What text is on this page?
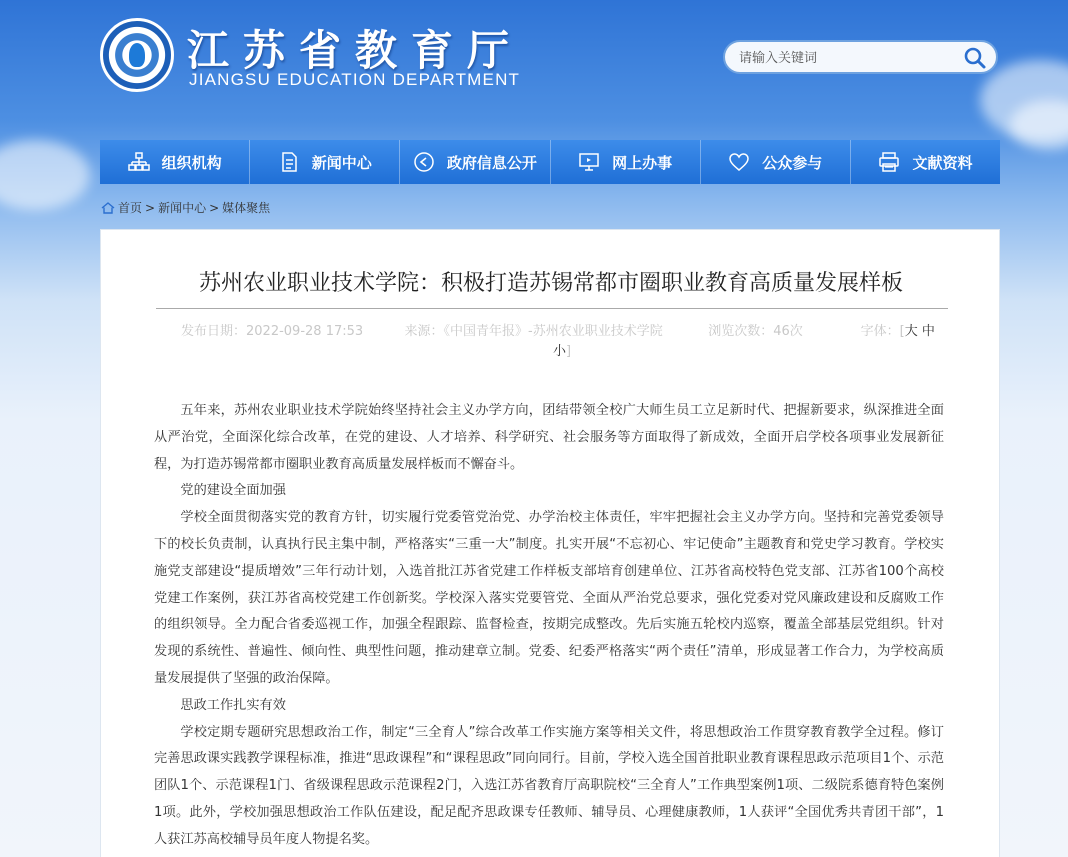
江苏省教育厅
JIANGSU EDUCATION DEPARTMENT
请输入关键词
组织机构	新闻中心	政府信息公开	网上办事	公众参与	文献资料
首页 > 新闻中心 > 媒体聚焦
苏州农业职业技术学院：积极打造苏锡常都市圈职业教育高质量发展样板
发布日期：2022-09-28 17:53	来源：《中国青年报》-苏州农业职业技术学院	浏览次数：46次	字体：[大 中
小]

五年来，苏州农业职业技术学院始终坚持社会主义办学方向，团结带领全校广大师生员工立足新时代、把握新要求，纵深推进全面从严治党，全面深化综合改革，在党的建设、人才培养、科学研究、社会服务等方面取得了新成效，全面开启学校各项事业发展新征程，为打造苏锡常都市圈职业教育高质量发展样板而不懈奋斗。

党的建设全面加强

学校全面贯彻落实党的教育方针，切实履行党委管党治党、办学治校主体责任，牢牢把握社会主义办学方向。坚持和完善党委领导下的校长负责制，认真执行民主集中制，严格落实“三重一大”制度。扎实开展“不忘初心、牢记使命”主题教育和党史学习教育。学校实施党支部建设“提质增效”三年行动计划，入选首批江苏省党建工作样板支部培育创建单位、江苏省高校特色党支部、江苏省100个高校党建工作案例，获江苏省高校党建工作创新奖。学校深入落实党要管党、全面从严治党总要求，强化党委对党风廉政建设和反腐败工作的组织领导。全力配合省委巡视工作，加强全程跟踪、监督检查，按期完成整改。先后实施五轮校内巡察，覆盖全部基层党组织。针对发现的系统性、普遍性、倾向性、典型性问题，推动建章立制。党委、纪委严格落实“两个责任”清单，形成显著工作合力，为学校高质量发展提供了坚强的政治保障。

思政工作扎实有效

学校定期专题研究思想政治工作，制定“三全育人”综合改革工作实施方案等相关文件，将思想政治工作贯穿教育教学全过程。修订完善思政课实践教学课程标准，推进“思政课程”和“课程思政”同向同行。目前，学校入选全国首批职业教育课程思政示范项目1个、示范团队1个、示范课程1门、省级课程思政示范课程2门，入选江苏省教育厅高职院校“三全育人”工作典型案例1项、二级院系德育特色案例1项。此外，学校加强思想政治工作队伍建设，配足配齐思政课专任教师、辅导员、心理健康教师，1人获评“全国优秀共青团干部”，1人获江苏高校辅导员年度人物提名奖。
